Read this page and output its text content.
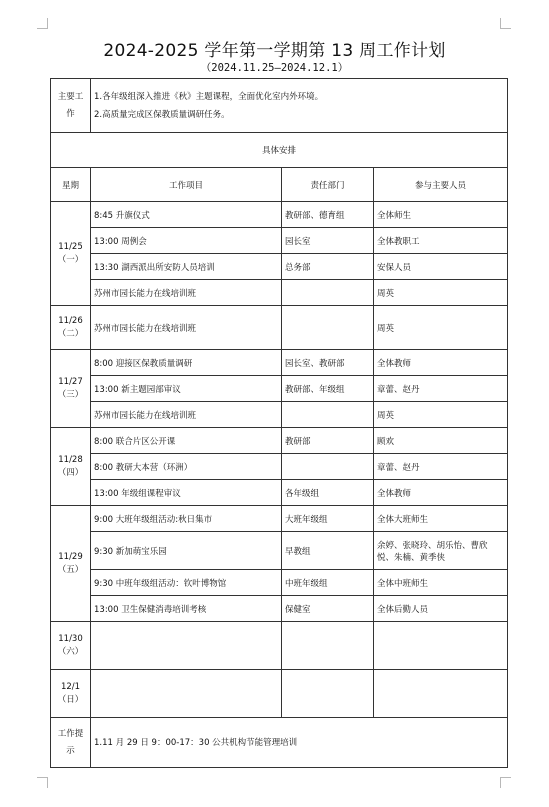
2024-2025 学年第一学期第 13 周工作计划
（2024.11.25—2024.12.1）
主要工作	1.各年级组深入推进《秋》主题课程，全面优化室内外环境。
2.高质量完成区保教质量调研任务。		

具体安排			
星期	工作项目	责任部门	参与主要人员

11/25
（一）	8:45 升旗仪式	教研部、德育组	全体师生
	13:00 周例会	园长室	全体教职工
	13:30 湖西派出所安防人员培训	总务部	安保人员
	苏州市园长能力在线培训班		周英

11/26
（二）	苏州市园长能力在线培训班		周英

11/27
（三）	8:00 迎接区保教质量调研	园长室、教研部	全体教师
	13:00 新主题园部审议	教研部、年级组	章蕾、赵丹
	苏州市园长能力在线培训班		周英

11/28
（四）	8:00 联合片区公开课	教研部	顾欢
	8:00 教研大本营（环洲）		章蕾、赵丹
	13:00 年级组课程审议	各年级组	全体教师

11/29
（五）	9:00 大班年级组活动:秋日集市	大班年级组	全体大班师生
	9:30 新加萌宝乐园	早教组	余婷、张晓玲、胡乐怡、曹欣悦、朱楠、黄季侠
	9:30 中班年级组活动：钦叶博物馆	中班年级组	全体中班师生
	13:00 卫生保健消毒培训考核	保健室	全体后勤人员

11/30
（六）			

12/1
（日）			

工作提示	1.11 月 29 日 9：00-17：30 公共机构节能管理培训		
